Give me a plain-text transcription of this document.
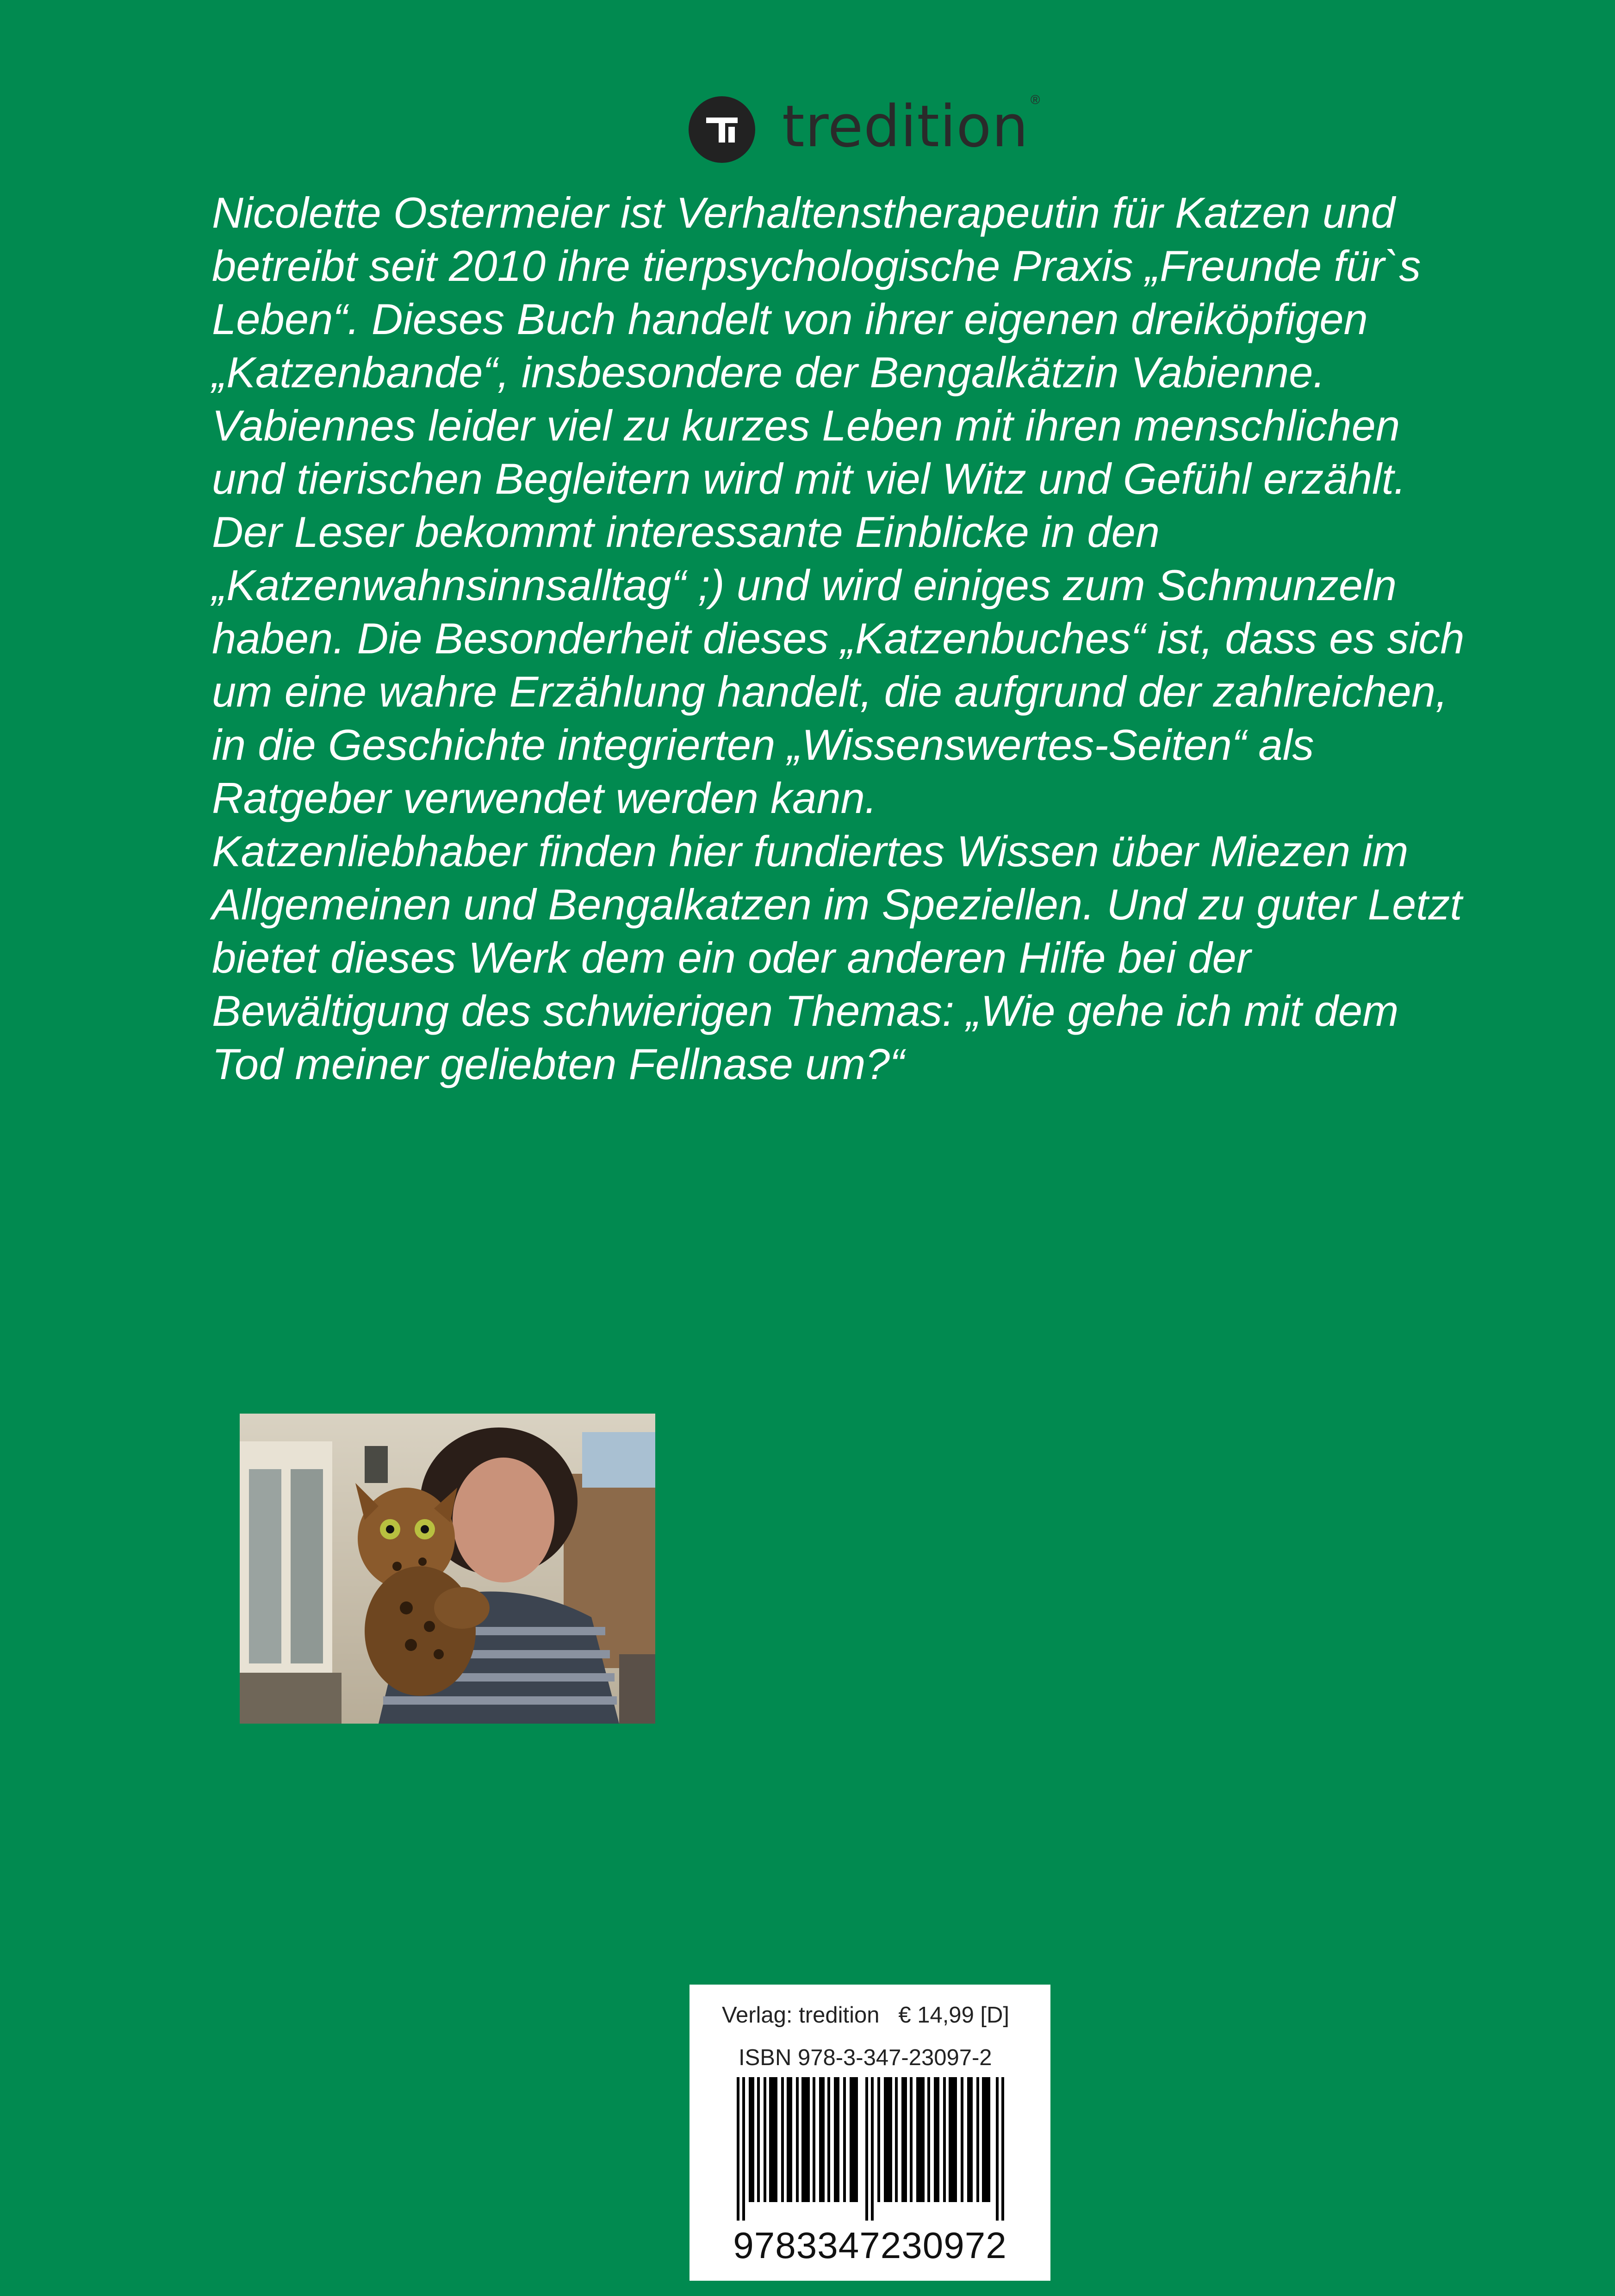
tredition ®

Nicolette Ostermeier ist Verhaltenstherapeutin für Katzen und betreibt seit 2010 ihre tierpsychologische Praxis „Freunde für`s Leben“. Dieses Buch handelt von ihrer eigenen dreiköpfigen „Katzenbande“, insbesondere der Bengalkätzin Vabienne.

Vabiennes leider viel zu kurzes Leben mit ihren menschlichen und tierischen Begleitern wird mit viel Witz und Gefühl erzählt. Der Leser bekommt interessante Einblicke in den „Katzenwahnsinnsalltag“ ;) und wird einiges zum Schmunzeln haben. Die Besonderheit dieses „Katzenbuches“ ist, dass es sich um eine wahre Erzählung handelt, die aufgrund der zahlreichen, in die Geschichte integrierten „Wissenswertes-Seiten“ als Ratgeber verwendet werden kann.

Katzenliebhaber finden hier fundiertes Wissen über Miezen im Allgemeinen und Bengalkatzen im Speziellen. Und zu guter Letzt bietet dieses Werk dem ein oder anderen Hilfe bei der Bewältigung des schwierigen Themas: „Wie gehe ich mit dem Tod meiner geliebten Fellnase um?“

Verlag: tredition   € 14,99 [D]
ISBN 978-3-347-23097-2
9783347230972
